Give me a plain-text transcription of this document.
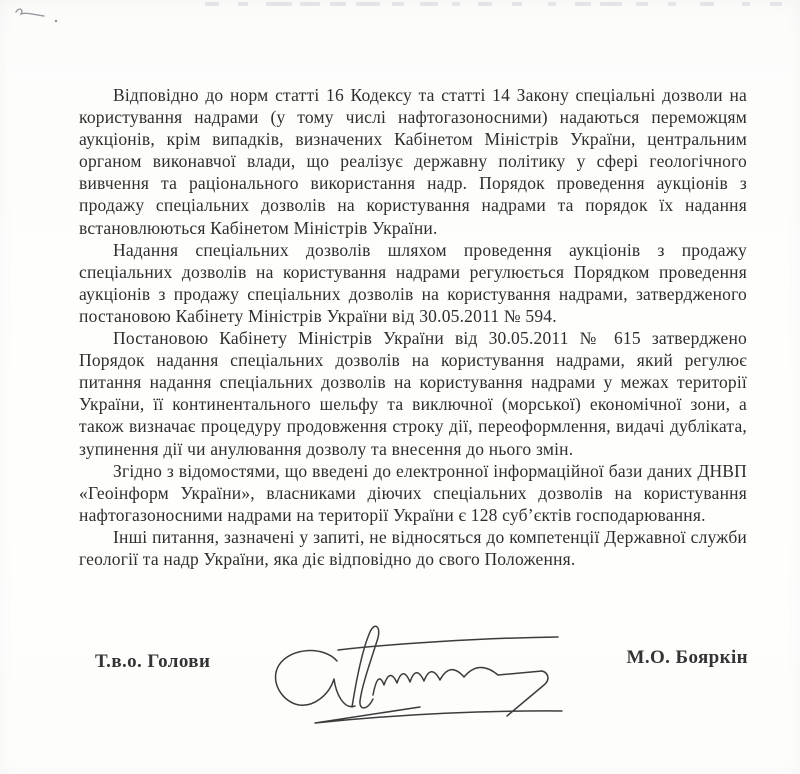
Відповідно до норм статті 16 Кодексу та статті 14 Закону спеціальні дозволи на користування надрами (у тому числі нафтогазоносними) надаються переможцям аукціонів, крім випадків, визначених Кабінетом Міністрів України, центральним органом виконавчої влади, що реалізує державну політику у сфері геологічного вивчення та раціонального використання надр. Порядок проведення аукціонів з продажу спеціальних дозволів на користування надрами та порядок їх надання встановлюються Кабінетом Міністрів України.

Надання спеціальних дозволів шляхом проведення аукціонів з продажу спеціальних дозволів на користування надрами регулюється Порядком проведення аукціонів з продажу спеціальних дозволів на користування надрами, затвердженого постановою Кабінету Міністрів України від 30.05.2011 № 594.

Постановою Кабінету Міністрів України від 30.05.2011 № 615 затверджено Порядок надання спеціальних дозволів на користування надрами, який регулює питання надання спеціальних дозволів на користування надрами у межах території України, її континентального шельфу та виключної (морської) економічної зони, а також визначає процедуру продовження строку дії, переоформлення, видачі дубліката, зупинення дії чи анулювання дозволу та внесення до нього змін.

Згідно з відомостями, що введені до електронної інформаційної бази даних ДНВП «Геоінформ України», власниками діючих спеціальних дозволів на користування нафтогазоносними надрами на території України є 128 суб’єктів господарювання.

Інші питання, зазначені у запиті, не відносяться до компетенції Державної служби геології та надр України, яка діє відповідно до свого Положення.

Т.в.о. Голови	М.О. Бояркін
